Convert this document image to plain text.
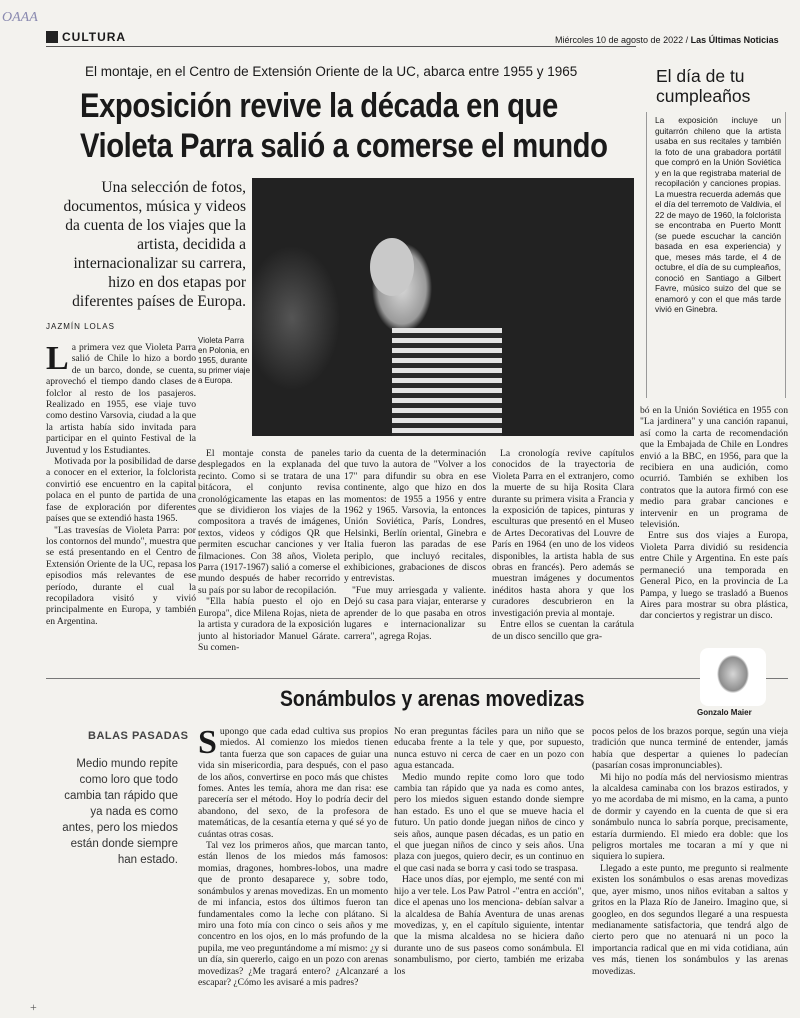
OAAA
CULTURA	Miércoles 10 de agosto de 2022 / Las Últimas Noticias
El montaje, en el Centro de Extensión Oriente de la UC, abarca entre 1955 y 1965
Exposición revive la década en que
Violeta Parra salió a comerse el mundo
Una selección de fotos, documentos, música y videos da cuenta de los viajes que la artista, decidida a internacionalizar su carrera, hizo en dos etapas por diferentes países de Europa.
JAZMÍN LOLAS
Violeta Parra en Polonia, en 1955, durante su primer viaje a Europa.
L a primera vez que Violeta Parra salió de Chile lo hizo a bordo de un barco, donde, se cuenta, aprovechó el tiempo dando clases de folclor al resto de los pasajeros. Realizado en 1955, ese viaje tuvo como destino Varsovia, ciudad a la que la artista había sido invitada para participar en el quinto Festival de la Juventud y los Estudiantes.

Motivada por la posibilidad de darse a conocer en el exterior, la folclorista convirtió ese encuentro en la capital polaca en el punto de partida de una fase de exploración por diferentes países que se extendió hasta 1965.

"Las travesías de Violeta Parra: por los contornos del mundo", muestra que se está presentando en el Centro de Extensión Oriente de la UC, repasa los episodios más relevantes de ese período, durante el cual la recopiladora visitó y vivió principalmente en Europa, y también en Argentina.

El montaje consta de paneles desplegados en la explanada del recinto. Como si se tratara de una bitácora, el conjunto revisa cronológicamente las etapas en las que se dividieron los viajes de la compositora a través de imágenes, textos, videos y códigos QR que permiten escuchar canciones y ver filmaciones. Con 38 años, Violeta Parra (1917-1967) salió a comerse el mundo después de haber recorrido su país por su labor de recopilación.

"Ella había puesto el ojo en Europa", dice Milena Rojas, nieta de la artista y curadora de la exposición junto al historiador Manuel Gárate. Su comen-

tario da cuenta de la determinación que tuvo la autora de "Volver a los 17" para difundir su obra en ese continente, algo que hizo en dos momentos: de 1955 a 1956 y entre 1962 y 1965. Varsovia, la entonces Unión Soviética, París, Londres, Helsinki, Berlín oriental, Ginebra e Italia fueron las paradas de ese periplo, que incluyó recitales, exhibiciones, grabaciones de discos y entrevistas.

"Fue muy arriesgada y valiente. Dejó su casa para viajar, enterarse y aprender de lo que pasaba en otros lugares e internacionalizar su carrera", agrega Rojas.

La cronología revive capítulos conocidos de la trayectoria de Violeta Parra en el extranjero, como la muerte de su hija Rosita Clara durante su primera visita a Francia y la exposición de tapices, pinturas y esculturas que presentó en el Museo de Artes Decorativas del Louvre de París en 1964 (en uno de los videos disponibles, la artista habla de sus obras en francés). Pero además se muestran imágenes y documentos inéditos hasta ahora y que los curadores descubrieron en la investigación previa al montaje.

Entre ellos se cuentan la carátula de un disco sencillo que gra-

bó en la Unión Soviética en 1955 con "La jardinera" y una canción rapanui, así como la carta de recomendación que la Embajada de Chile en Londres envió a la BBC, en 1956, para que la recibiera en una audición, como ocurrió. También se exhiben los contratos que la autora firmó con ese medio para grabar canciones e intervenir en un programa de televisión.

Entre sus dos viajes a Europa, Violeta Parra dividió su residencia entre Chile y Argentina. En este país permaneció una temporada en General Pico, en la provincia de La Pampa, y luego se trasladó a Buenos Aires para mostrar su obra plástica, dar conciertos y registrar un disco.

El día de tu
cumpleaños
La exposición incluye un guitarrón chileno que la artista usaba en sus recitales y también la foto de una grabadora portátil que compró en la Unión Soviética y en la que registraba material de recopilación y canciones propias. La muestra recuerda además que el día del terremoto de Valdivia, el 22 de mayo de 1960, la folclorista se encontraba en Puerto Montt (se puede escuchar la canción basada en esa experiencia) y que, meses más tarde, el 4 de octubre, el día de su cumpleaños, conoció en Santiago a Gilbert Favre, músico suizo del que se enamoró y con el que más tarde vivió en Ginebra.
Sonámbulos y arenas movedizas
Gonzalo Maier
BALAS PASADAS
Medio mundo repite como loro que todo cambia tan rápido que ya nada es como antes, pero los miedos están donde siempre han estado.
S upongo que cada edad cultiva sus propios miedos. Al comienzo los miedos tienen tanta fuerza que son capaces de guiar una vida sin misericordia, para después, con el paso de los años, convertirse en poco más que chistes fomes. Antes les temía, ahora me dan risa: ese parecería ser el método. Hoy lo podría decir del abandono, del sexo, de la profesora de matemáticas, de la cesantía eterna y qué sé yo de cuántas otras cosas.

Tal vez los primeros años, que marcan tanto, están llenos de los miedos más famosos: momias, dragones, hombres-lobos, una madre que de pronto desaparece y, sobre todo, sonámbulos y arenas movedizas. En un momento de mi infancia, estos dos últimos fueron tan fundamentales como la leche con plátano. Si miro una foto mía con cinco o seis años y me concentro en los ojos, en lo más profundo de la pupila, me veo preguntándome a mí mismo: ¿y si un día, sin quererlo, caigo en un pozo con arenas movedizas? ¿Me tragará entero? ¿Alcanzaré a escapar? ¿Cómo les avisaré a mis padres?

No eran preguntas fáciles para un niño que se educaba frente a la tele y que, por supuesto, nunca estuvo ni cerca de caer en un pozo con agua estancada.

Medio mundo repite como loro que todo cambia tan rápido que ya nada es como antes, pero los miedos siguen estando donde siempre han estado. Es uno el que se mueve hacia el futuro. Un patio donde juegan niños de cinco y seis años, aunque pasen décadas, es un patio en el que juegan niños de cinco y seis años. Una plaza con juegos, quiero decir, es un continuo en el que casi nada se borra y casi todo se traspasa.

Hace unos días, por ejemplo, me senté con mi hijo a ver tele. Los Paw Patrol -"entra en acción", dice el apenas uno los menciona- debían salvar a la alcaldesa de Bahía Aventura de unas arenas movedizas, y, en el capítulo siguiente, intentar que la misma alcaldesa no se hiciera daño durante uno de sus paseos como sonámbula. El sonambulismo, por cierto, también me erizaba los

pocos pelos de los brazos porque, según una vieja tradición que nunca terminé de entender, jamás había que despertar a quienes lo padecían (pasarían cosas impronunciables).

Mi hijo no podía más del nerviosismo mientras la alcaldesa caminaba con los brazos estirados, y yo me acordaba de mi mismo, en la cama, a punto de dormir y cayendo en la cuenta de que si era sonámbulo nunca lo sabría porque, precisamente, estaría durmiendo. El miedo era doble: que los peligros mortales me tocaran a mí y que ni siquiera lo supiera.

Llegado a este punto, me pregunto si realmente existen los sonámbulos o esas arenas movedizas que, ayer mismo, unos niños evitaban a saltos y gritos en la Plaza Río de Janeiro. Imagino que, si googleo, en dos segundos llegaré a una respuesta medianamente satisfactoria, que tendrá algo de cierto pero que no atenuará ni un poco la importancia radical que en mi vida cotidiana, aún ves más, tienen los sonámbulos y las arenas movedizas.

+
